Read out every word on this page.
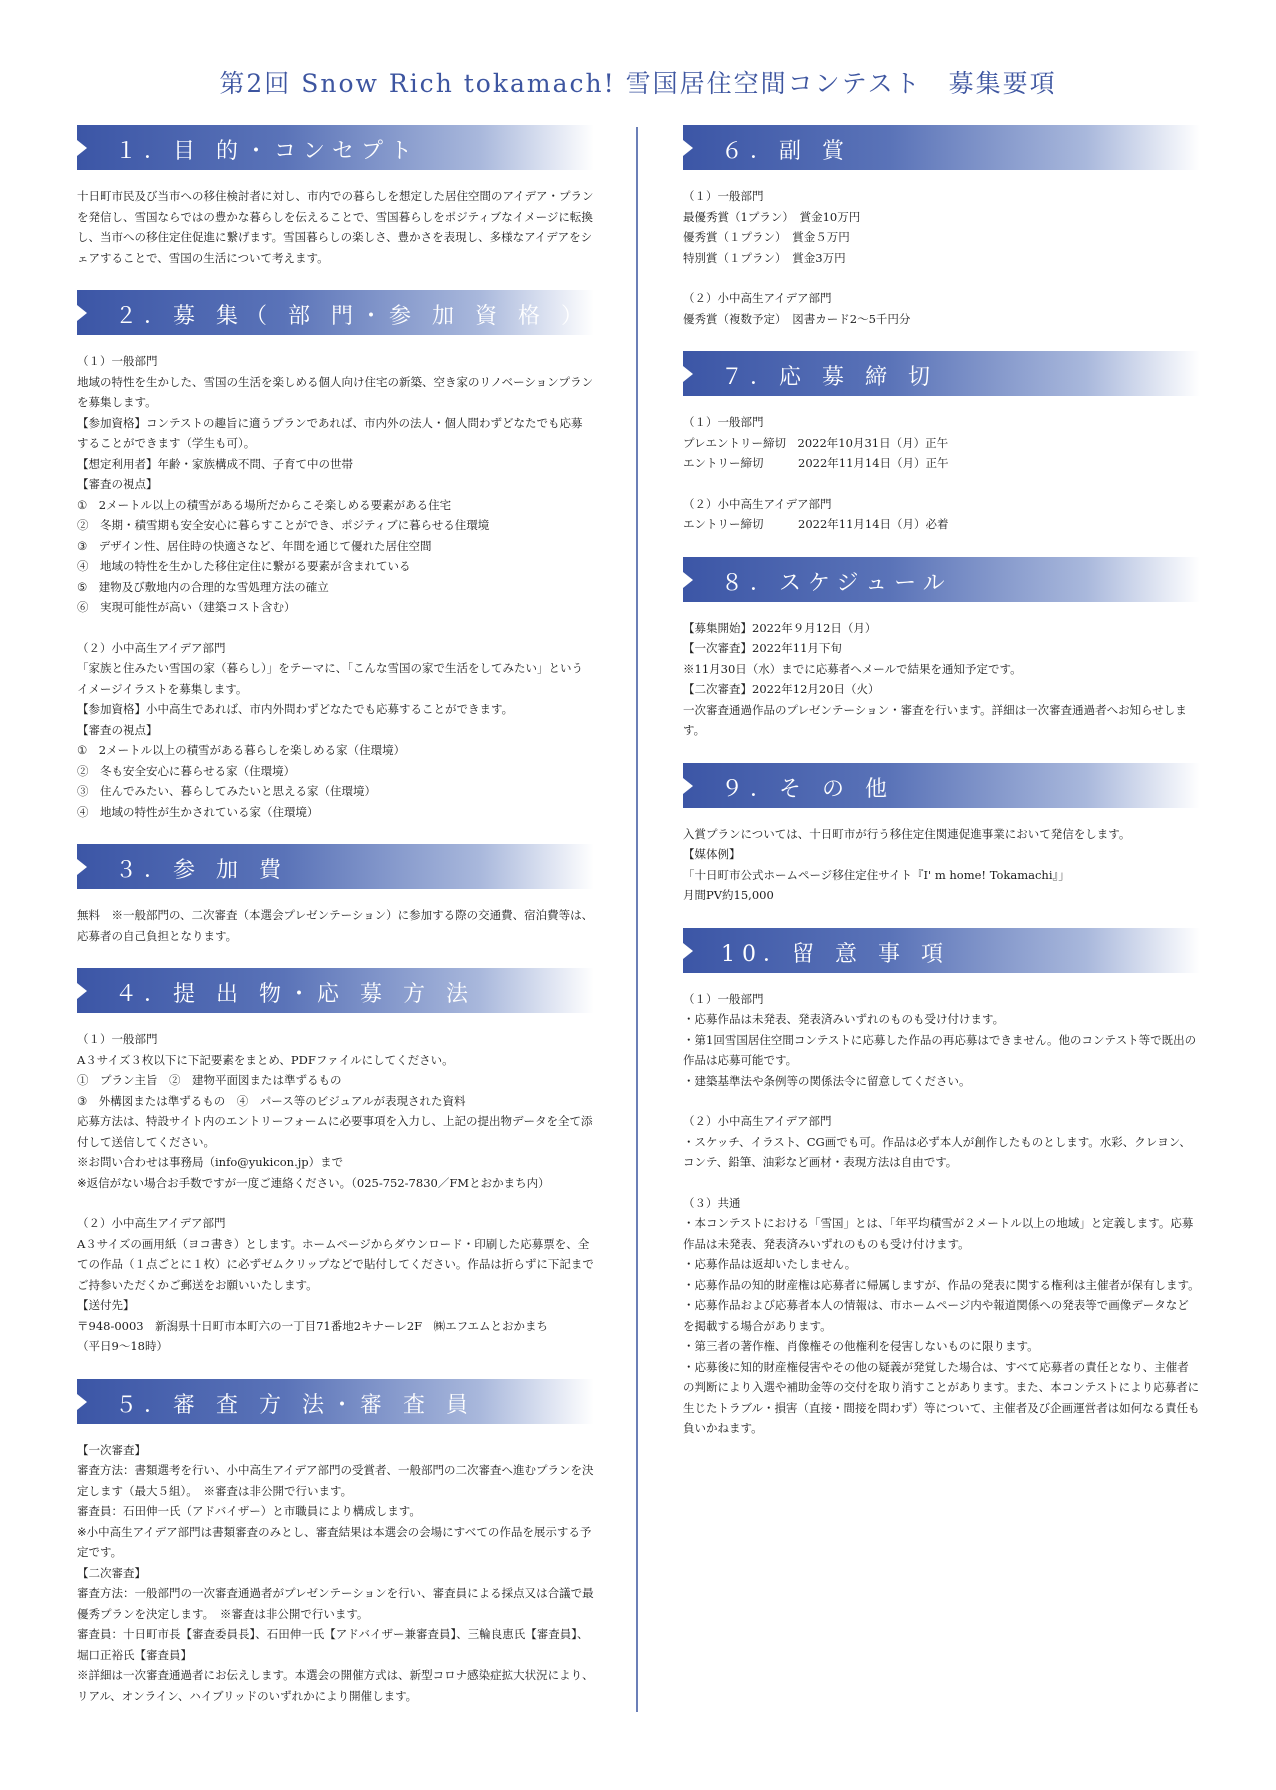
第2回 Snow Rich tokamach! 雪国居住空間コンテスト　募集要項
１．目 的・コンセプト

十日町市民及び当市への移住検討者に対し、市内での暮らしを想定した居住空間のアイデア・プランを発信し、雪国ならではの豊かな暮らしを伝えることで、雪国暮らしをポジティブなイメージに転換し、当市への移住定住促進に繋げます。雪国暮らしの楽しさ、豊かさを表現し、多様なアイデアをシェアすることで、雪国の生活について考えます。

２．募 集（ 部 門・参 加 資 格 ）

（１）一般部門
地域の特性を生かした、雪国の生活を楽しめる個人向け住宅の新築、空き家のリノベーションプランを募集します。
【参加資格】コンテストの趣旨に適うプランであれば、市内外の法人・個人問わずどなたでも応募することができます（学生も可）。
【想定利用者】年齢・家族構成不問、子育て中の世帯
【審査の視点】
①　2メートル以上の積雪がある場所だからこそ楽しめる要素がある住宅
②　冬期・積雪期も安全安心に暮らすことができ、ポジティブに暮らせる住環境
③　デザイン性、居住時の快適さなど、年間を通じて優れた居住空間
④　地域の特性を生かした移住定住に繋がる要素が含まれている
⑤　建物及び敷地内の合理的な雪処理方法の確立
⑥　実現可能性が高い（建築コスト含む）

（２）小中高生アイデア部門
「家族と住みたい雪国の家（暮らし）」をテーマに、「こんな雪国の家で生活をしてみたい」というイメージイラストを募集します。
【参加資格】小中高生であれば、市内外問わずどなたでも応募することができます。
【審査の視点】
①　2メートル以上の積雪がある暮らしを楽しめる家（住環境）
②　冬も安全安心に暮らせる家（住環境）
③　住んでみたい、暮らしてみたいと思える家（住環境）
④　地域の特性が生かされている家（住環境）

３．参 加 費

無料　※一般部門の、二次審査（本選会プレゼンテーション）に参加する際の交通費、宿泊費等は、応募者の自己負担となります。

４．提 出 物・応 募 方 法

（１）一般部門
A３サイズ３枚以下に下記要素をまとめ、PDFファイルにしてください。
①　プラン主旨　②　建物平面図または準ずるもの
③　外構図または準ずるもの　④　パース等のビジュアルが表現された資料
応募方法は、特設サイト内のエントリーフォームに必要事項を入力し、上記の提出物データを全て添付して送信してください。
※お問い合わせは事務局（info@yukicon.jp）まで
※返信がない場合お手数ですが一度ご連絡ください。（025-752-7830／FMとおかまち内）

（２）小中高生アイデア部門
A３サイズの画用紙（ヨコ書き）とします。ホームページからダウンロード・印刷した応募票を、全ての作品（１点ごとに１枚）に必ずゼムクリップなどで貼付してください。作品は折らずに下記までご持参いただくかご郵送をお願いいたします。
【送付先】
〒948-0003　新潟県十日町市本町六の一丁目71番地2キナーレ2F　㈱エフエムとおかまち
（平日9〜18時）

５．審 査 方 法・審 査 員

【一次審査】
審査方法：書類選考を行い、小中高生アイデア部門の受賞者、一般部門の二次審査へ進むプランを決定します（最大５組）。　※審査は非公開で行います。
審査員：石田伸一氏（アドバイザー）と市職員により構成します。
※小中高生アイデア部門は書類審査のみとし、審査結果は本選会の会場にすべての作品を展示する予定です。
【二次審査】
審査方法：一般部門の一次審査通過者がプレゼンテーションを行い、審査員による採点又は合議で最優秀プランを決定します。　※審査は非公開で行います。
審査員：十日町市長【審査委員長】、石田伸一氏【アドバイザー兼審査員】、三輪良恵氏【審査員】、堀口正裕氏【審査員】
※詳細は一次審査通過者にお伝えします。本選会の開催方式は、新型コロナ感染症拡大状況により、リアル、オンライン、ハイブリッドのいずれかにより開催します。

６．副 賞

（１）一般部門
最優秀賞（1プラン）　賞金10万円
優秀賞（１プラン）　賞金５万円
特別賞（１プラン）　賞金3万円

（２）小中高生アイデア部門
優秀賞（複数予定）　図書カード2〜5千円分

７．応 募 締 切

（１）一般部門
プレエントリー締切　2022年10月31日（月）正午
エントリー締切　　　2022年11月14日（月）正午

（２）小中高生アイデア部門
エントリー締切　　　2022年11月14日（月）必着

８．スケジュール

【募集開始】2022年９月12日（月）
【一次審査】2022年11月下旬
※11月30日（水）までに応募者へメールで結果を通知予定です。
【二次審査】2022年12月20日（火）
一次審査通過作品のプレゼンテーション・審査を行います。詳細は一次審査通過者へお知らせします。

９．そ の 他

入賞プランについては、十日町市が行う移住定住関連促進事業において発信をします。
【媒体例】
「十日町市公式ホームページ移住定住サイト『I' m home! Tokamachi』」
月間PV約15,000

10．留 意 事 項

（１）一般部門
・応募作品は未発表、発表済みいずれのものも受け付けます。
・第1回雪国居住空間コンテストに応募した作品の再応募はできません。他のコンテスト等で既出の作品は応募可能です。
・建築基準法や条例等の関係法令に留意してください。

（２）小中高生アイデア部門
・スケッチ、イラスト、CG画でも可。作品は必ず本人が創作したものとします。水彩、クレヨン、コンテ、鉛筆、油彩など画材・表現方法は自由です。

（３）共通
・本コンテストにおける「雪国」とは、「年平均積雪が２メートル以上の地域」と定義します。応募作品は未発表、発表済みいずれのものも受け付けます。
・応募作品は返却いたしません。
・応募作品の知的財産権は応募者に帰属しますが、作品の発表に関する権利は主催者が保有します。
・応募作品および応募者本人の情報は、市ホームページ内や報道関係への発表等で画像データなどを掲載する場合があります。
・第三者の著作権、肖像権その他権利を侵害しないものに限ります。
・応募後に知的財産権侵害やその他の疑義が発覚した場合は、すべて応募者の責任となり、主催者の判断により入選や補助金等の交付を取り消すことがあります。また、本コンテストにより応募者に生じたトラブル・損害（直接・間接を問わず）等について、主催者及び企画運営者は如何なる責任も負いかねます。
